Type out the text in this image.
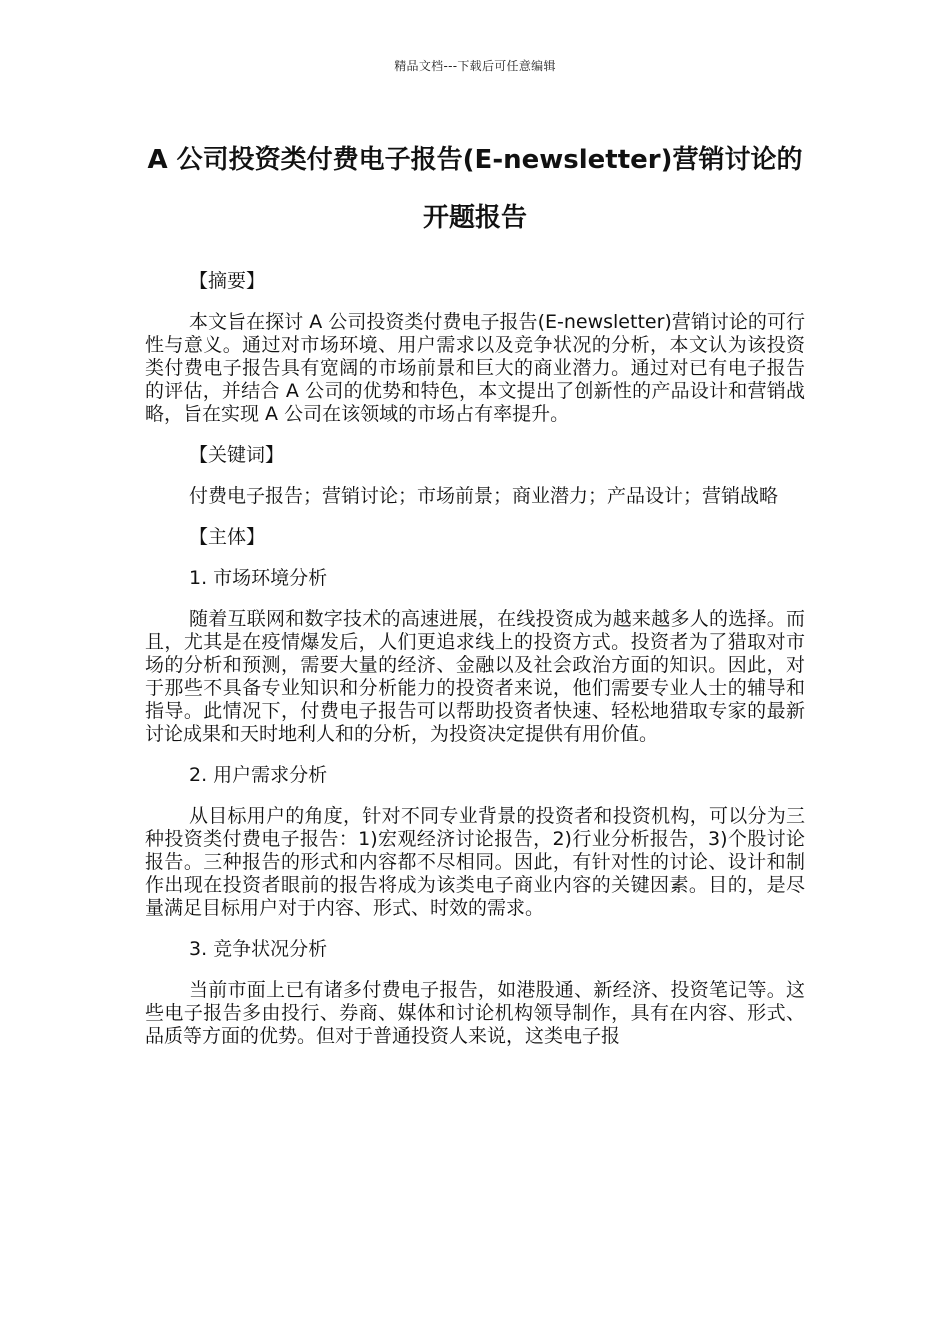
精品文档---下载后可任意编辑
A 公司投资类付费电子报告(E-newsletter)营销讨论的开题报告

【摘要】

本文旨在探讨 A 公司投资类付费电子报告(E-newsletter)营销讨论的可行性与意义。通过对市场环境、用户需求以及竞争状况的分析，本文认为该投资类付费电子报告具有宽阔的市场前景和巨大的商业潜力。通过对已有电子报告的评估，并结合 A 公司的优势和特色，本文提出了创新性的产品设计和营销战略，旨在实现 A 公司在该领域的市场占有率提升。

【关键词】

付费电子报告；营销讨论；市场前景；商业潜力；产品设计；营销战略

【主体】

1. 市场环境分析

随着互联网和数字技术的高速进展，在线投资成为越来越多人的选择。而且，尤其是在疫情爆发后，人们更追求线上的投资方式。投资者为了猎取对市场的分析和预测，需要大量的经济、金融以及社会政治方面的知识。因此，对于那些不具备专业知识和分析能力的投资者来说，他们需要专业人士的辅导和指导。此情况下，付费电子报告可以帮助投资者快速、轻松地猎取专家的最新讨论成果和天时地利人和的分析，为投资决定提供有用价值。

2. 用户需求分析

从目标用户的角度，针对不同专业背景的投资者和投资机构，可以分为三种投资类付费电子报告：1)宏观经济讨论报告，2)行业分析报告，3)个股讨论报告。三种报告的形式和内容都不尽相同。因此，有针对性的讨论、设计和制作出现在投资者眼前的报告将成为该类电子商业内容的关键因素。目的，是尽量满足目标用户对于内容、形式、时效的需求。

3. 竞争状况分析

当前市面上已有诸多付费电子报告，如港股通、新经济、投资笔记等。这些电子报告多由投行、券商、媒体和讨论机构领导制作，具有在内容、形式、品质等方面的优势。但对于普通投资人来说，这类电子报
